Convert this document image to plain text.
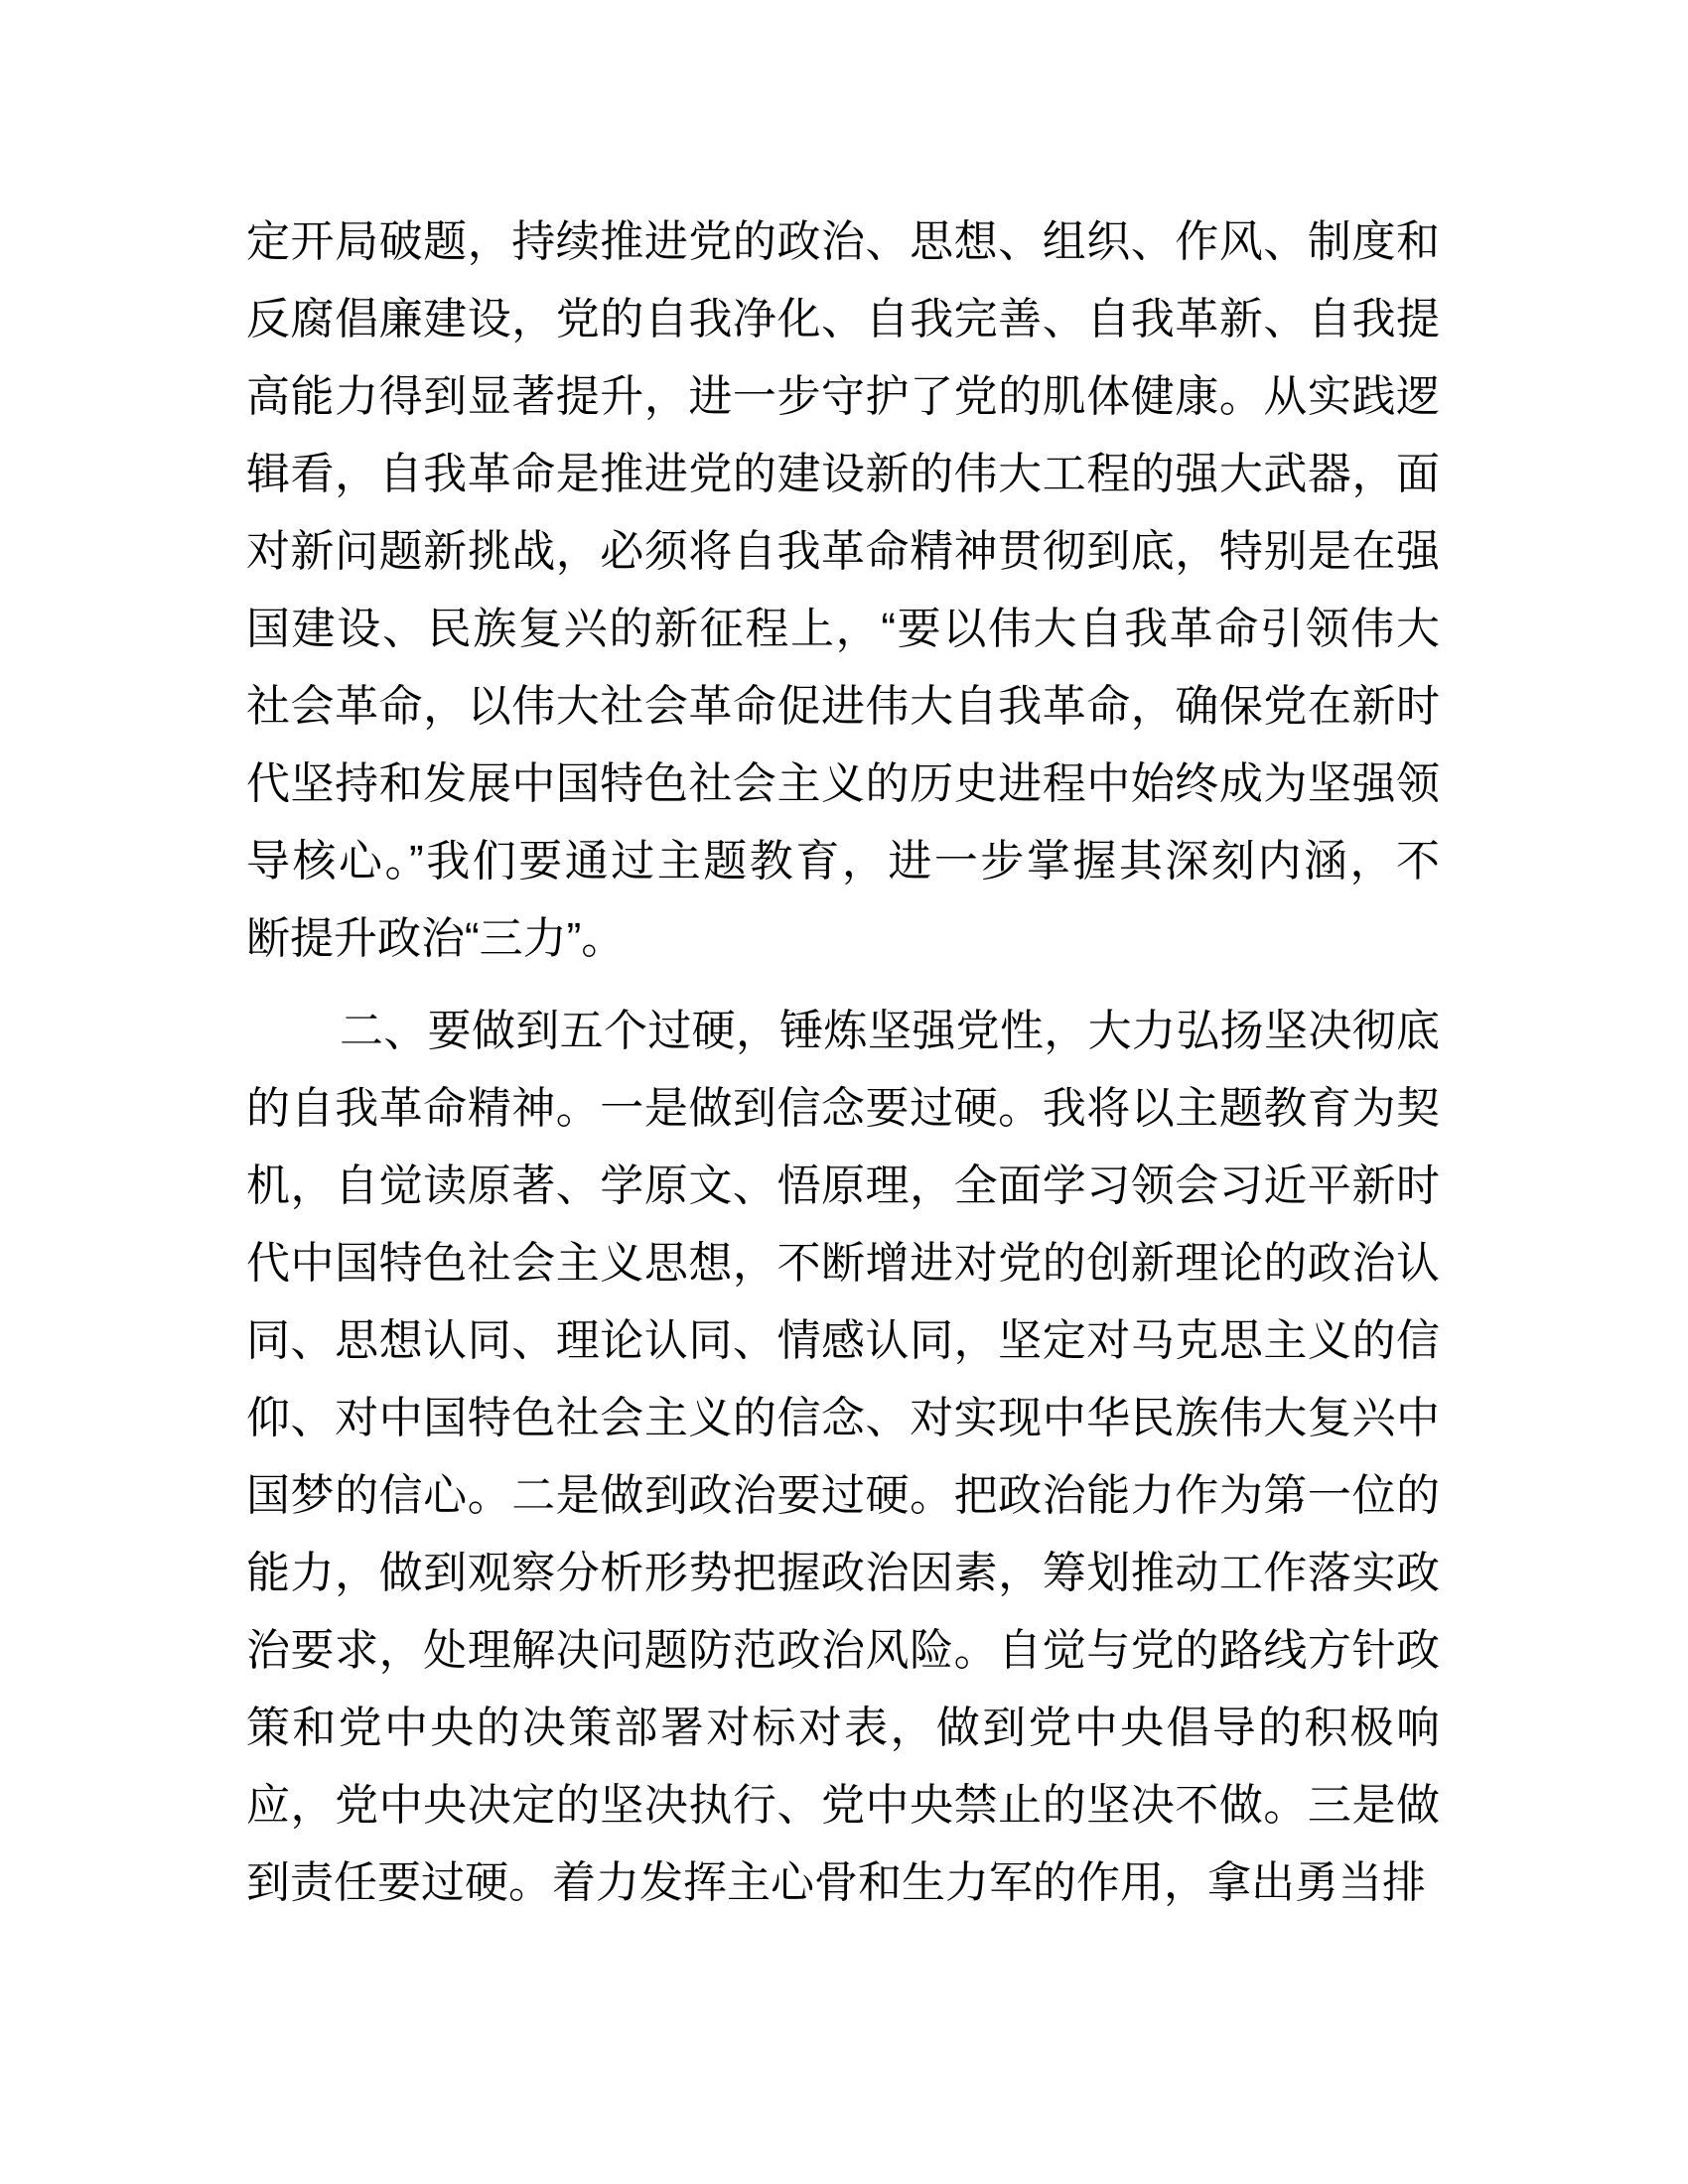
定开局破题，持续推进党的政治、思想、组织、作风、制度和
反腐倡廉建设，党的自我净化、自我完善、自我革新、自我提
高能力得到显著提升，进一步守护了党的肌体健康。从实践逻
辑看，自我革命是推进党的建设新的伟大工程的强大武器，面
对新问题新挑战，必须将自我革命精神贯彻到底，特别是在强
国建设、民族复兴的新征程上，“要以伟大自我革命引领伟大
社会革命，以伟大社会革命促进伟大自我革命，确保党在新时
代坚持和发展中国特色社会主义的历史进程中始终成为坚强领
导核心。”我们要通过主题教育，进一步掌握其深刻内涵，不
断提升政治“三力”。
二、要做到五个过硬，锤炼坚强党性，大力弘扬坚决彻底
的自我革命精神。一是做到信念要过硬。我将以主题教育为契
机，自觉读原著、学原文、悟原理，全面学习领会习近平新时
代中国特色社会主义思想，不断增进对党的创新理论的政治认
同、思想认同、理论认同、情感认同，坚定对马克思主义的信
仰、对中国特色社会主义的信念、对实现中华民族伟大复兴中
国梦的信心。二是做到政治要过硬。把政治能力作为第一位的
能力，做到观察分析形势把握政治因素，筹划推动工作落实政
治要求，处理解决问题防范政治风险。自觉与党的路线方针政
策和党中央的决策部署对标对表，做到党中央倡导的积极响
应，党中央决定的坚决执行、党中央禁止的坚决不做。三是做
到责任要过硬。着力发挥主心骨和生力军的作用，拿出勇当排
